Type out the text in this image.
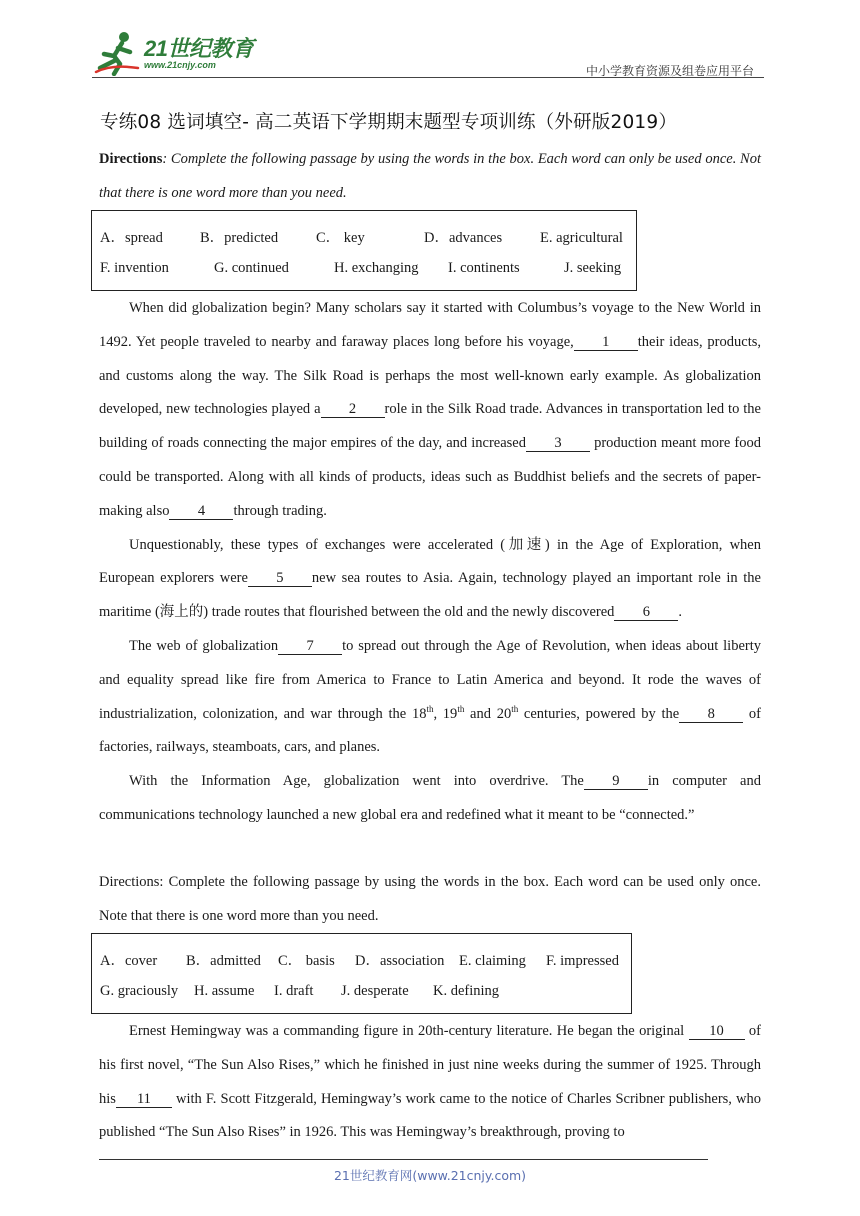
21世纪教育
www.21cnjy.com	中小学教育资源及组卷应用平台
专练08 选词填空- 高二英语下学期期末题型专项训练（外研版2019）

Directions: Complete the following passage by using the words in the box. Each word can only be used once. Not that there is one word more than you need.

A．spread	B．predicted	C． key	D．advances	E. agricultural
F. invention	G. continued	H. exchanging I. continents	J. seeking

When did globalization begin? Many scholars say it started with Columbus’s voyage to the New World in 1492. Yet people traveled to nearby and faraway places long before his voyage, 1 their ideas, products, and customs along the way. The Silk Road is perhaps the most well-known early example. As globalization developed, new technologies played a 2 role in the Silk Road trade. Advances in transportation led to the building of roads connecting the major empires of the day, and increased 3 production meant more food could be transported. Along with all kinds of products, ideas such as Buddhist beliefs and the secrets of paper-making also 4 through trading.

Unquestionably, these types of exchanges were accelerated (加速) in the Age of Exploration, when European explorers were 5 new sea routes to Asia. Again, technology played an important role in the maritime (海上的) trade routes that flourished between the old and the newly discovered 6 .

The web of globalization 7 to spread out through the Age of Revolution, when ideas about liberty and equality spread like fire from America to France to Latin America and beyond. It rode the waves of industrialization, colonization, and war through the 18th, 19th and 20th centuries, powered by the 8 of factories, railways, steamboats, cars, and planes.

With the Information Age, globalization went into overdrive. The 9 in computer and communications technology launched a new global era and redefined what it meant to be “connected.”

Directions: Complete the following passage by using the words in the box. Each word can be used only once. Note that there is one word more than you need.

A．cover B．admitted C． basis D．association E. claiming F. impressed
G. graciously H. assume I. draft J. desperate K. defining

Ernest Hemingway was a commanding figure in 20th-century literature. He began the original 10 of his first novel, “The Sun Also Rises,” which he finished in just nine weeks during the summer of 1925. Through his 11 with F. Scott Fitzgerald, Hemingway’s work came to the notice of Charles Scribner publishers, who published “The Sun Also Rises” in 1926. This was Hemingway’s breakthrough, proving to

21世纪教育网(www.21cnjy.com)
